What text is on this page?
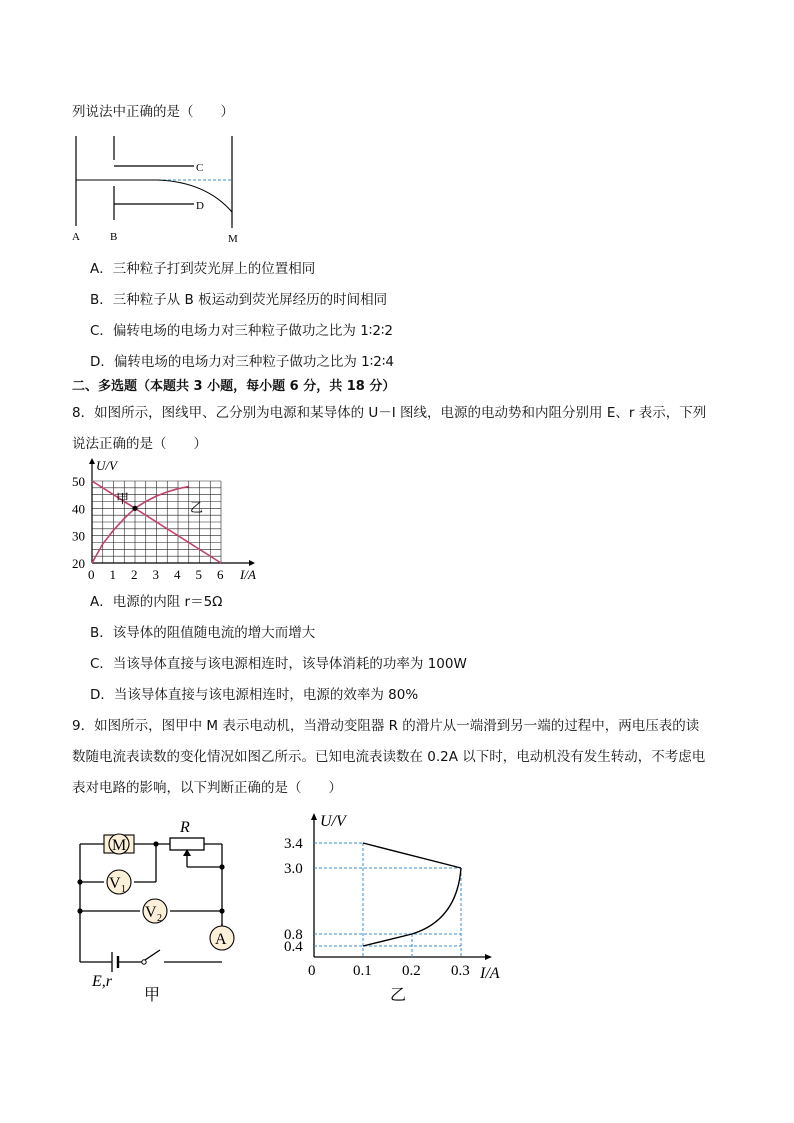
列说法中正确的是（　　）
C
D
A	B	M
A．三种粒子打到荧光屏上的位置相同
B．三种粒子从 B 板运动到荧光屏经历的时间相同
C．偏转电场的电场力对三种粒子做功之比为 1∶2∶2
D．偏转电场的电场力对三种粒子做功之比为 1∶2∶4
二、多选题（本题共 3 小题，每小题 6 分，共 18 分）
8．如图所示，图线甲、乙分别为电源和某导体的 U－I 图线，电源的电动势和内阻分别用 E、r 表示，下列
说法正确的是（　　）
0 1 2 3 4 5 6
20
30
40
50
U/V
I/A
甲
乙
A．电源的内阻 r＝5Ω
B．该导体的阻值随电流的增大而增大
C．当该导体直接与该电源相连时，该导体消耗的功率为 100W
D．当该导体直接与该电源相连时，电源的效率为 80%
9．如图所示，图甲中 M 表示电动机，当滑动变阻器 R 的滑片从一端滑到另一端的过程中，两电压表的读
数随电流表读数的变化情况如图乙所示。已知电流表读数在 0.2A 以下时，电动机没有发生转动，不考虑电
表对电路的影响，以下判断正确的是（　　）
M
R
V 1
V 2
A
E,r
甲
0	0.1 0.2 0.3
0.4
0.8
3.0
3.4
U/V
I/A
乙
